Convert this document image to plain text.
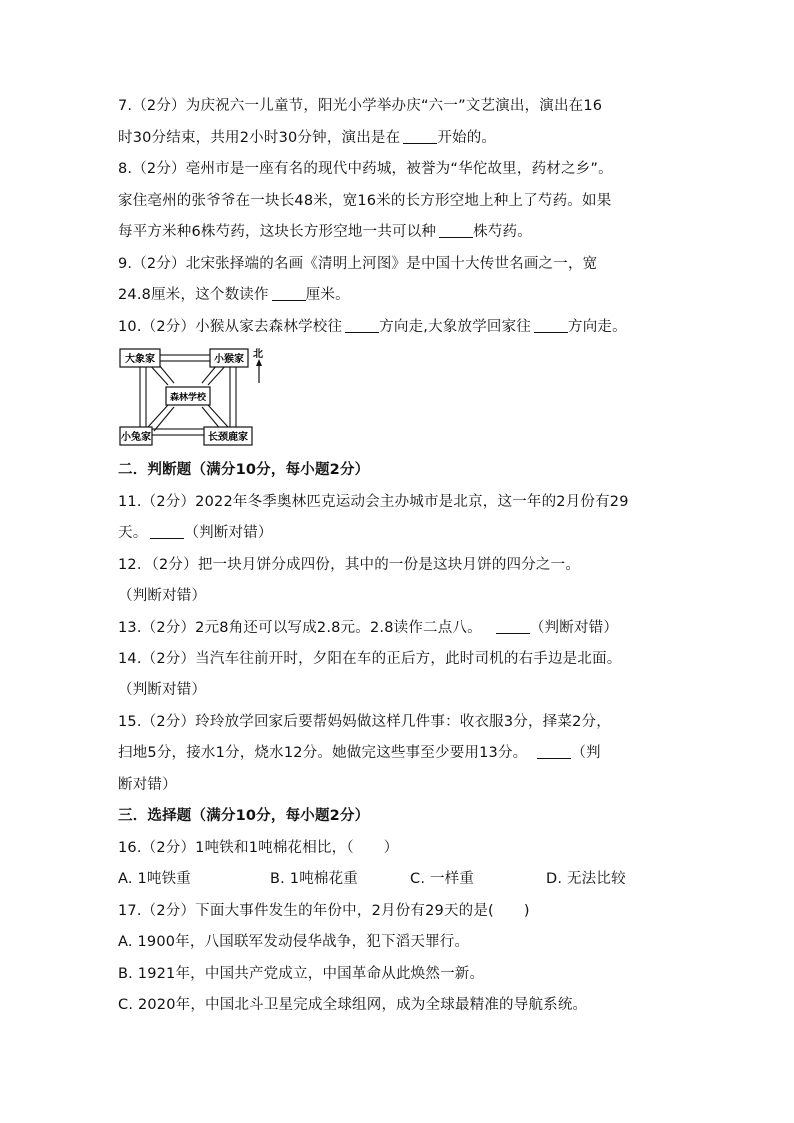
7.（2分）为庆祝六一儿童节，阳光小学举办庆“六一”文艺演出，演出在16
时30分结束，共用2小时30分钟，演出是在	开始的。
8.（2分）亳州市是一座有名的现代中药城，被誉为“华佗故里，药材之乡”。
家住亳州的张爷爷在一块长48米，宽16米的长方形空地上种上了芍药。如果
每平方米种6株芍药，这块长方形空地一共可以种	株芍药。
9.（2分）北宋张择端的名画《清明上河图》是中国十大传世名画之一，宽
24.8厘米，这个数读作	厘米。
10.（2分）小猴从家去森林学校往	方向走,大象放学回家往	方向走。
大象家	小猴家
森林学校
小兔家	长颈鹿家
北
二．判断题（满分10分，每小题2分）
11.（2分）2022年冬季奥林匹克运动会主办城市是北京，这一年的2月份有29
天。	（判断对错）
12．（2分）把一块月饼分成四份，其中的一份是这块月饼的四分之一。
（判断对错）
13.（2分）2元8角还可以写成2.8元。2.8读作二点八。	（判断对错）
14.（2分）当汽车往前开时，夕阳在车的正后方，此时司机的右手边是北面。
（判断对错）
15.（2分）玲玲放学回家后要帮妈妈做这样几件事：收衣服3分，择菜2分，
扫地5分，接水1分，烧水12分。她做完这些事至少要用13分。	（判
断对错）
三．选择题（满分10分，每小题2分）
16.（2分）1吨铁和1吨棉花相比，（ ）
A. 1吨铁重	B. 1吨棉花重	C. 一样重	D. 无法比较
17.（2分）下面大事件发生的年份中，2月份有29天的是( )
A. 1900年，八国联军发动侵华战争，犯下滔天罪行。
B. 1921年，中国共产党成立，中国革命从此焕然一新。
C. 2020年，中国北斗卫星完成全球组网，成为全球最精准的导航系统。
